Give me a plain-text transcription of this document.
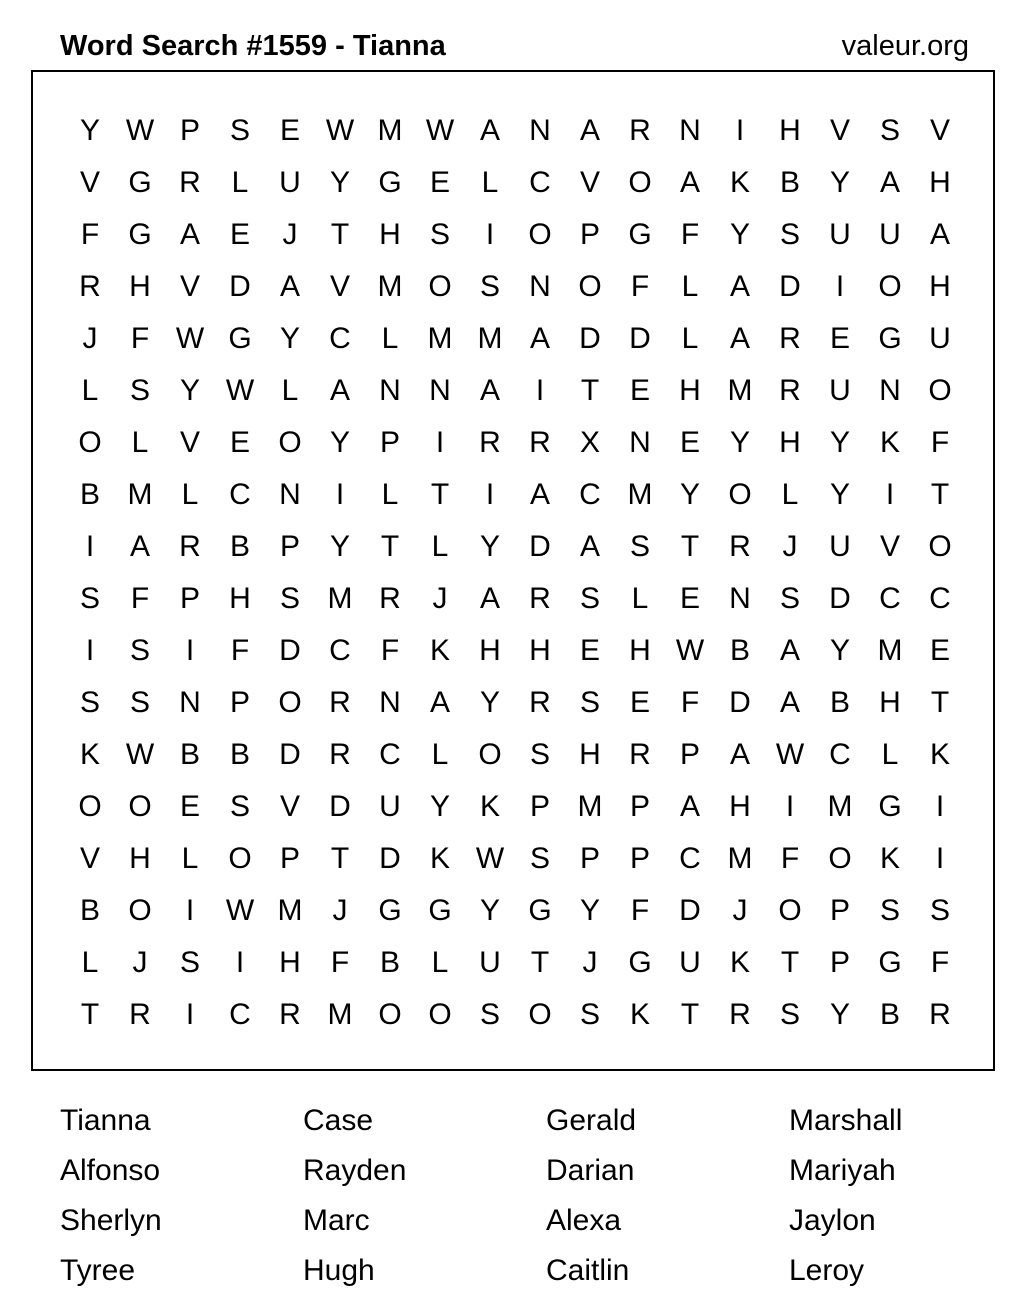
Word Search #1559 - Tianna	valeur.org
Y W P S E W M W A N A R N	I	H V S V
V G R	L	U Y G E	L	C V O A K B Y A H
F G A E	J	T	H S	I	O P G F	Y S U U A
R H V D A V M O S N O F	L	A D	I	O H
J	F W G Y C	L M M A D D	L	A R E G U
L	S Y W L	A N N A	I	T	E H M R U N O
O L	V E O Y P	I	R R X N E Y H Y K	F
B M L	C N	I	L	T	I	A C M Y O L	Y	I	T
I	A R B P Y	T	L	Y D A S	T	R	J	U V O
S	F	P H S M R	J	A R S	L	E N S D C C
I	S	I	F	D C	F	K H H E H W B A Y M E
S S N P O R N A Y R S E	F	D A B H	T
K W B B D R C	L O S H R P A W C	L	K
O O E S V D U Y K P M P A H	I	M G	I
V H	L O P	T	D K W S P P C M F O K	I
B O	I	W M	J	G G Y G Y	F	D	J	O P S S
L	J	S	I	H	F	B	L	U	T	J	G U K	T	P G F
T	R	I	C R M O O S O S K	T	R S Y B R
Tianna	Case	Gerald	Marshall
Alfonso	Rayden	Darian	Mariyah
Sherlyn	Marc	Alexa	Jaylon
Tyree	Hugh	Caitlin	Leroy
